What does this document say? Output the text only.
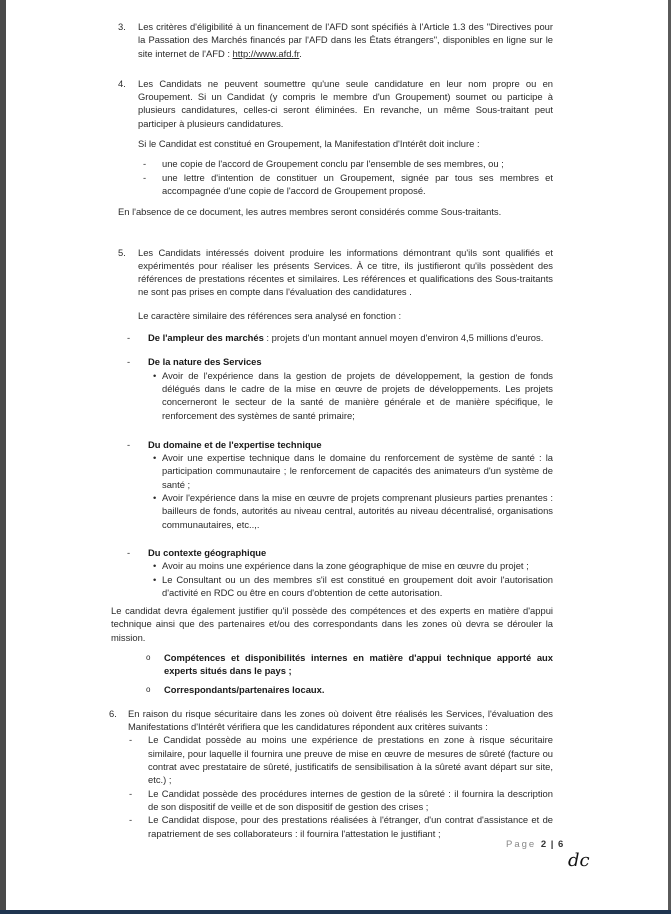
3. Les critères d'éligibilité à un financement de l'AFD sont spécifiés à l'Article 1.3 des "Directives pour la Passation des Marchés financés par l'AFD dans les États étrangers", disponibles en ligne sur le site internet de l'AFD : http://www.afd.fr.
4. Les Candidats ne peuvent soumettre qu'une seule candidature en leur nom propre ou en Groupement. Si un Candidat (y compris le membre d'un Groupement) soumet ou participe à plusieurs candidatures, celles-ci seront éliminées. En revanche, un même Sous-traitant peut participer à plusieurs candidatures.
Si le Candidat est constitué en Groupement, la Manifestation d'Intérêt doit inclure :
- une copie de l'accord de Groupement conclu par l'ensemble de ses membres, ou ;
- une lettre d'intention de constituer un Groupement, signée par tous ses membres et accompagnée d'une copie de l'accord de Groupement proposé.
En l'absence de ce document, les autres membres seront considérés comme Sous-traitants.
5. Les Candidats intéressés doivent produire les informations démontrant qu'ils sont qualifiés et expérimentés pour réaliser les présents Services. À ce titre, ils justifieront qu'ils possèdent des références de prestations récentes et similaires. Les références et qualifications des Sous-traitants ne sont pas prises en compte dans l'évaluation des candidatures .
Le caractère similaire des références sera analysé en fonction :
- De l'ampleur des marchés : projets d'un montant annuel moyen d'environ 4,5 millions d'euros.
- De la nature des Services
• Avoir de l'expérience dans la gestion de projets de développement, la gestion de fonds délégués dans le cadre de la mise en œuvre de projets de développements. Les projets concerneront le secteur de la santé de manière générale et de manière spécifique, le renforcement des systèmes de santé primaire;
- Du domaine et de l'expertise technique
• Avoir une expertise technique dans le domaine du renforcement de système de santé : la participation communautaire ; le renforcement de capacités des animateurs d'un système de santé ;
• Avoir l'expérience dans la mise en œuvre de projets comprenant plusieurs parties prenantes : bailleurs de fonds, autorités au niveau central, autorités au niveau décentralisé, organisations communautaires, etc..,.
- Du contexte géographique
• Avoir au moins une expérience dans la zone géographique de mise en œuvre du projet ;
• Le Consultant ou un des membres s'il est constitué en groupement doit avoir l'autorisation d'activité en RDC ou être en cours d'obtention de cette autorisation.
Le candidat devra également justifier qu'il possède des compétences et des experts en matière d'appui technique ainsi que des partenaires et/ou des correspondants dans les zones où devra se dérouler la mission.
o Compétences et disponibilités internes en matière d'appui technique apporté aux experts situés dans le pays ;
o Correspondants/partenaires locaux.
6. En raison du risque sécuritaire dans les zones où doivent être réalisés les Services, l'évaluation des Manifestations d'Intérêt vérifiera que les candidatures répondent aux critères suivants :
- Le Candidat possède au moins une expérience de prestations en zone à risque sécuritaire similaire, pour laquelle il fournira une preuve de mise en œuvre de mesures de sûreté (facture ou contrat avec prestataire de sûreté, justificatifs de sensibilisation à la sûreté avant départ sur site, etc.) ;
- Le Candidat possède des procédures internes de gestion de la sûreté : il fournira la description de son dispositif de veille et de son dispositif de gestion des crises ;
- Le Candidat dispose, pour des prestations réalisées à l'étranger, d'un contrat d'assistance et de rapatriement de ses collaborateurs : il fournira l'attestation le justifiant ;
Page 2 | 6
dc
